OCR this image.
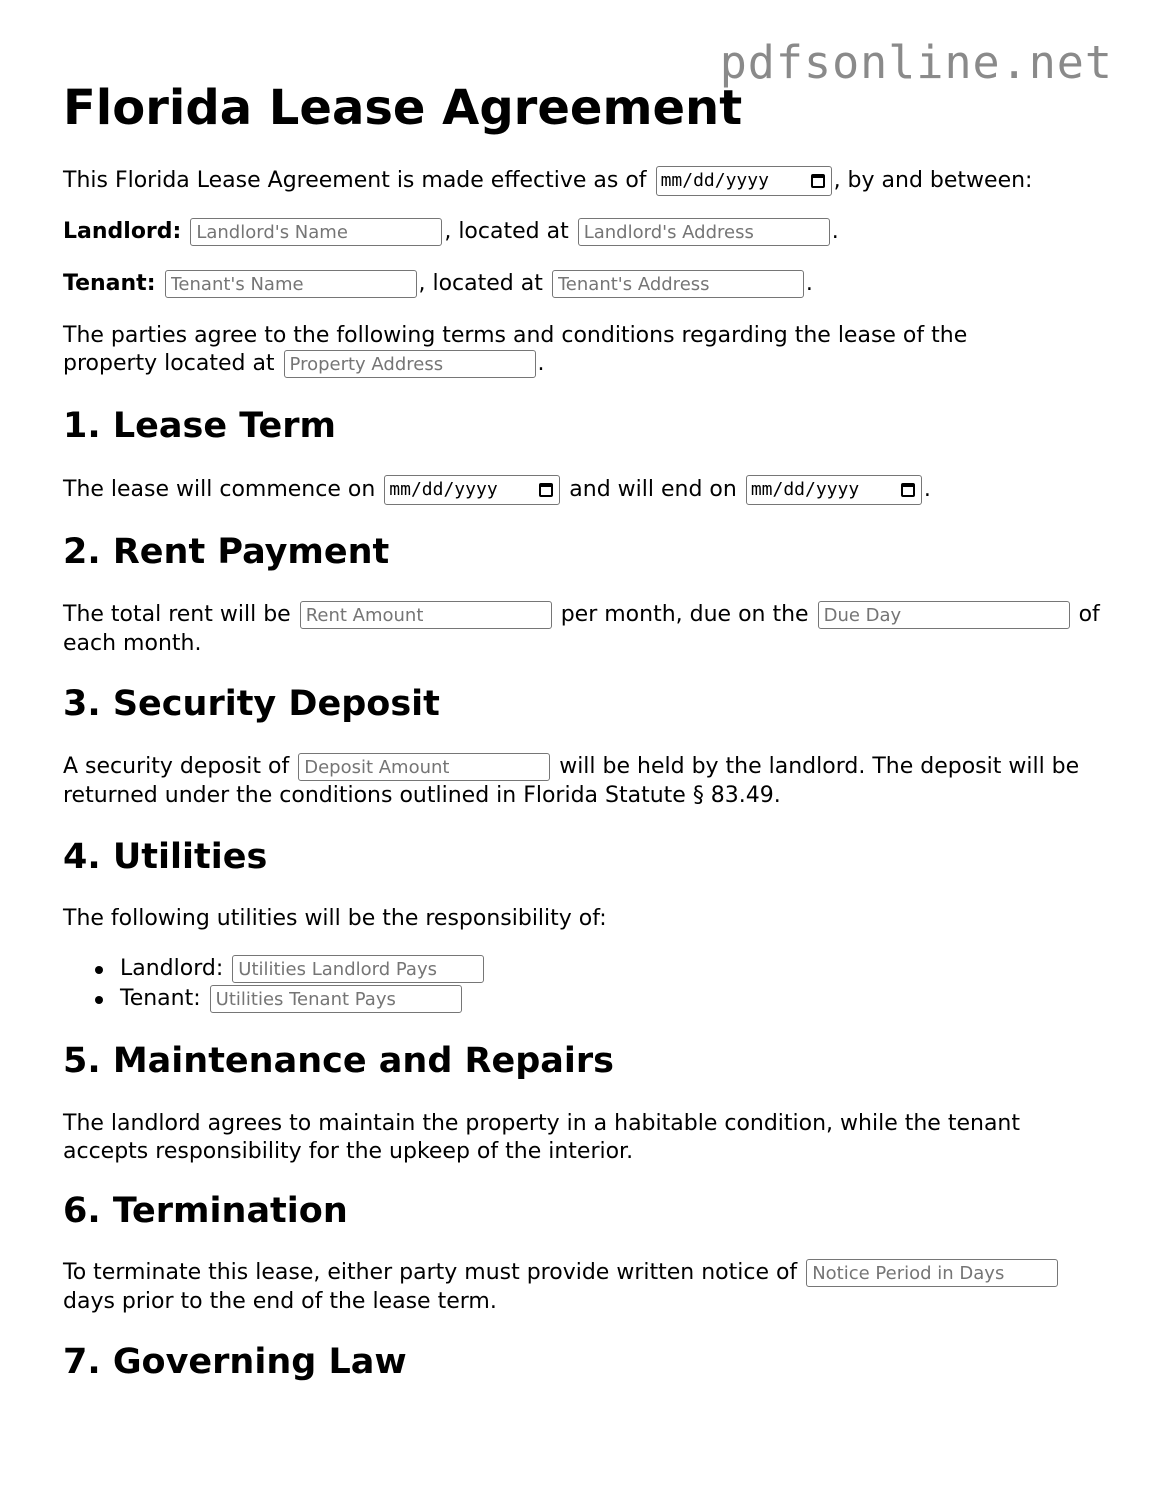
pdfsonline.net
Florida Lease Agreement
This Florida Lease Agreement is made effective as of mm/dd/yyyy	, by and between:
Landlord: Landlord's Name	, located at Landlord's Address	.
Tenant: Tenant's Name	, located at Tenant's Address	.

The parties agree to the following terms and conditions regarding the lease of the property located at Property Address	.

1. Lease Term
The lease will commence on mm/dd/yyyy	and will end on mm/dd/yyyy	.
2. Rent Payment

The total rent will be Rent Amount	per month, due on the Due Day	of each month.

3. Security Deposit

A security deposit of Deposit Amount	will be held by the landlord. The deposit will be returned under the conditions outlined in Florida Statute § 83.49.

4. Utilities

The following utilities will be the responsibility of:

Landlord: Utilities Landlord Pays
Tenant: Utilities Tenant Pays
5. Maintenance and Repairs

The landlord agrees to maintain the property in a habitable condition, while the tenant accepts responsibility for the upkeep of the interior.

6. Termination

To terminate this lease, either party must provide written notice of Notice Period in Days days prior to the end of the lease term.

7. Governing Law
